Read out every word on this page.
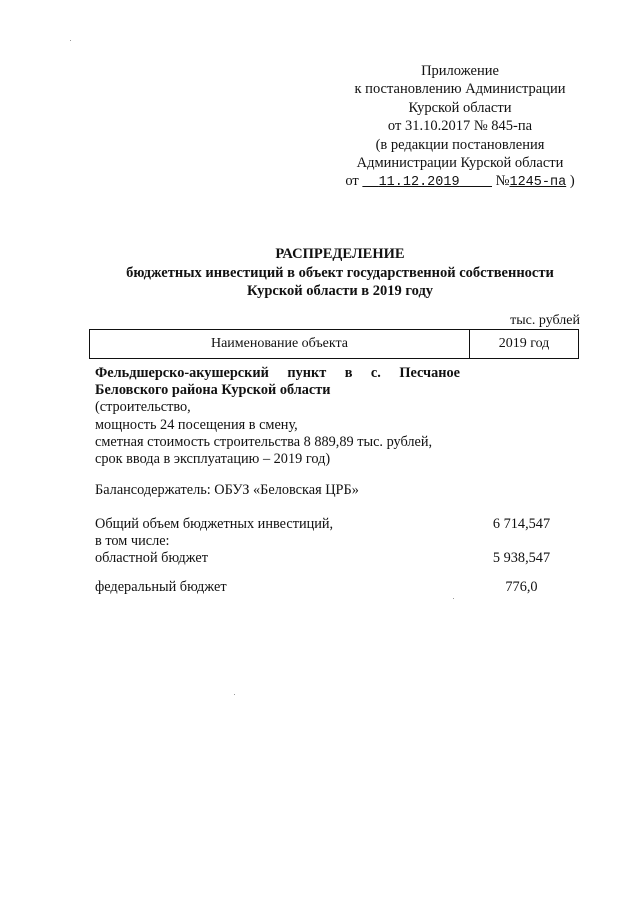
Приложение
к постановлению Администрации
Курской области
от 31.10.2017 № 845-па
(в редакции постановления
Администрации Курской области
от 11.12.2019 №1245-па )
РАСПРЕДЕЛЕНИЕ
бюджетных инвестиций в объект государственной собственности
Курской области в 2019 году
тыс. рублей
Наименование объекта	2019 год
Фельдшерско-акушерский пункт в с. Песчаное
Беловского района Курской области
(строительство,
мощность 24 посещения в смену,
сметная стоимость строительства 8 889,89 тыс. рублей,
срок ввода в эксплуатацию – 2019 год)
Балансодержатель: ОБУЗ «Беловская ЦРБ»
Общий объем бюджетных инвестиций,	6 714,547
в том числе:
областной бюджет	5 938,547
федеральный бюджет	776,0
